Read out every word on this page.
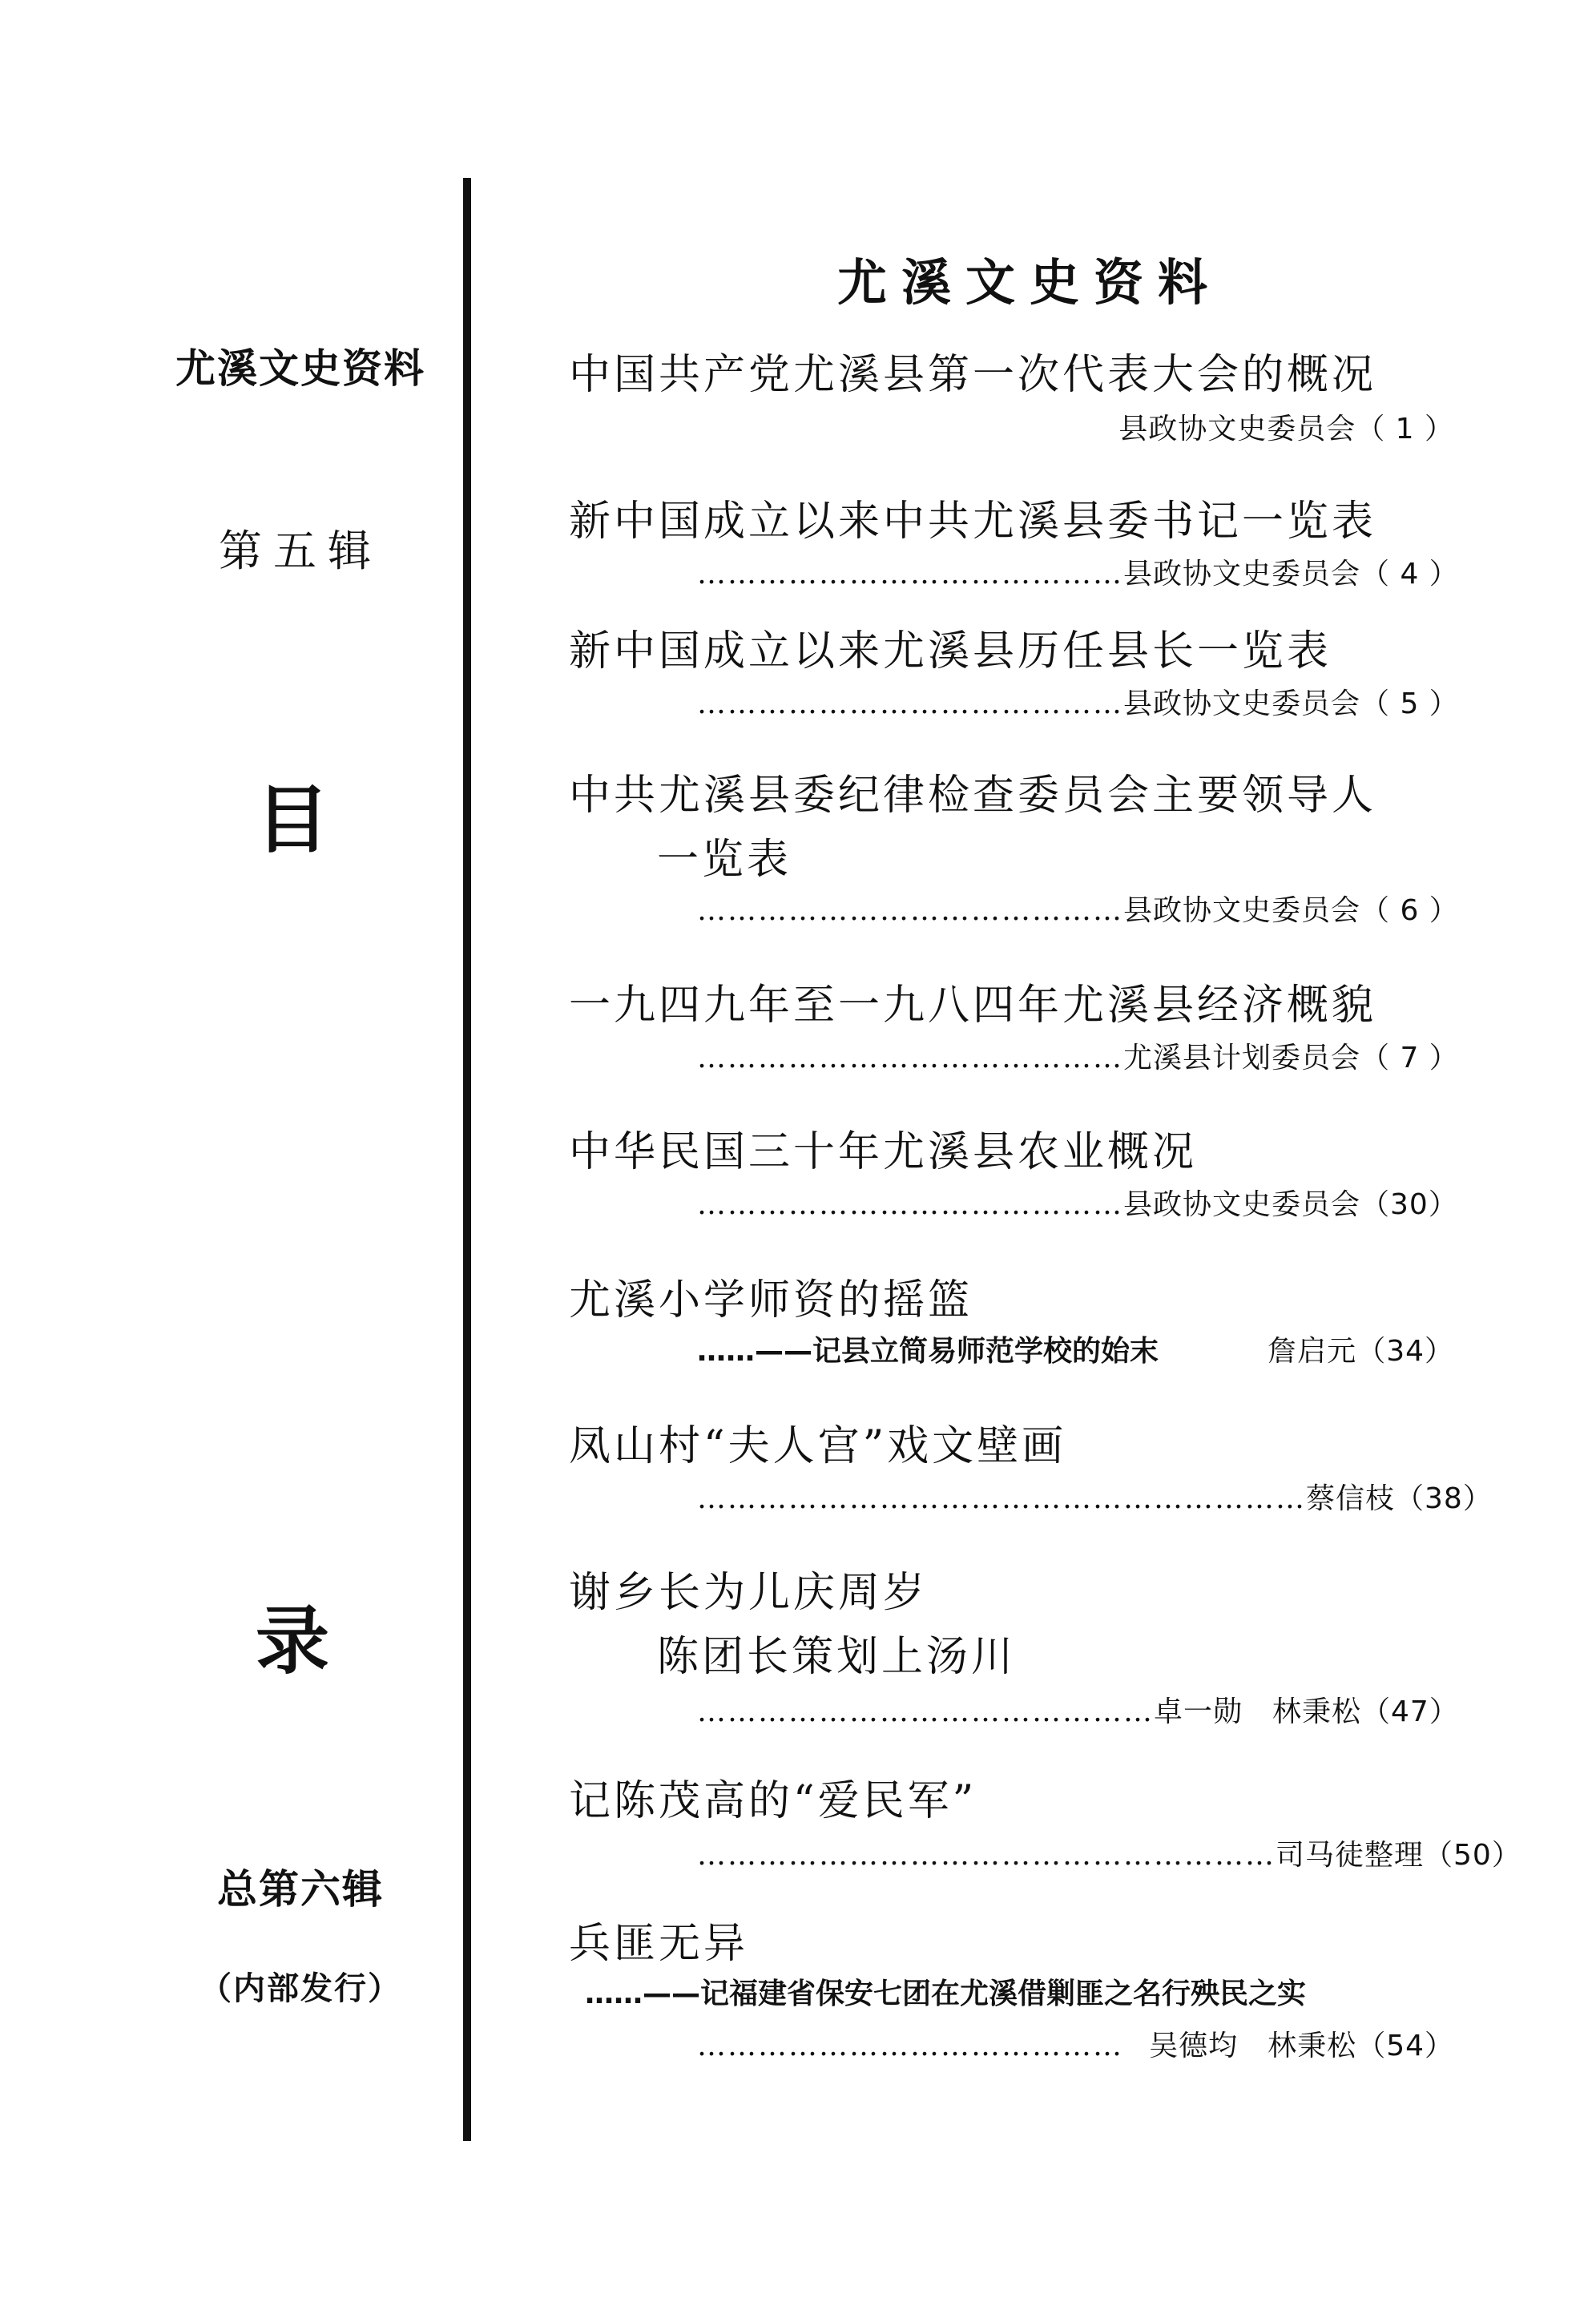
尤溪文史资料
第五辑
目
录
总第六辑
（内部发行）
尤溪文史资料
中国共产党尤溪县第一次代表大会的概况
县政协文史委员会 （ 1 ）
新中国成立以来中共尤溪县委书记一览表
…………………………………… 县政协文史委员会 （ 4 ）
新中国成立以来尤溪县历任县长一览表
…………………………………… 县政协文史委员会 （ 5 ）
中共尤溪县委纪律检查委员会主要领导人
一览表
…………………………………… 县政协文史委员会 （ 6 ）
一九四九年至一九八四年尤溪县经济概貌
…………………………………… 尤溪县计划委员会 （ 7 ）
中华民国三十年尤溪县农业概况
…………………………………… 县政协文史委员会 （30）
尤溪小学师资的摇篮
……——记县立简易师范学校的始末	詹启元 （34）
凤山村“夫人宫”戏文壁画
…………………………………………………… 蔡信枝 （38）
谢乡长为儿庆周岁
陈团长策划上汤川
……………………………………… 卓一勋　林秉松 （47）
记陈茂高的“爱民军”
………………………………………………… 司马徒整理 （50）
兵匪无异
……——记福建省保安七团在尤溪借剿匪之名行殃民之实
…………………………………… 吴德均　林秉松 （54）
